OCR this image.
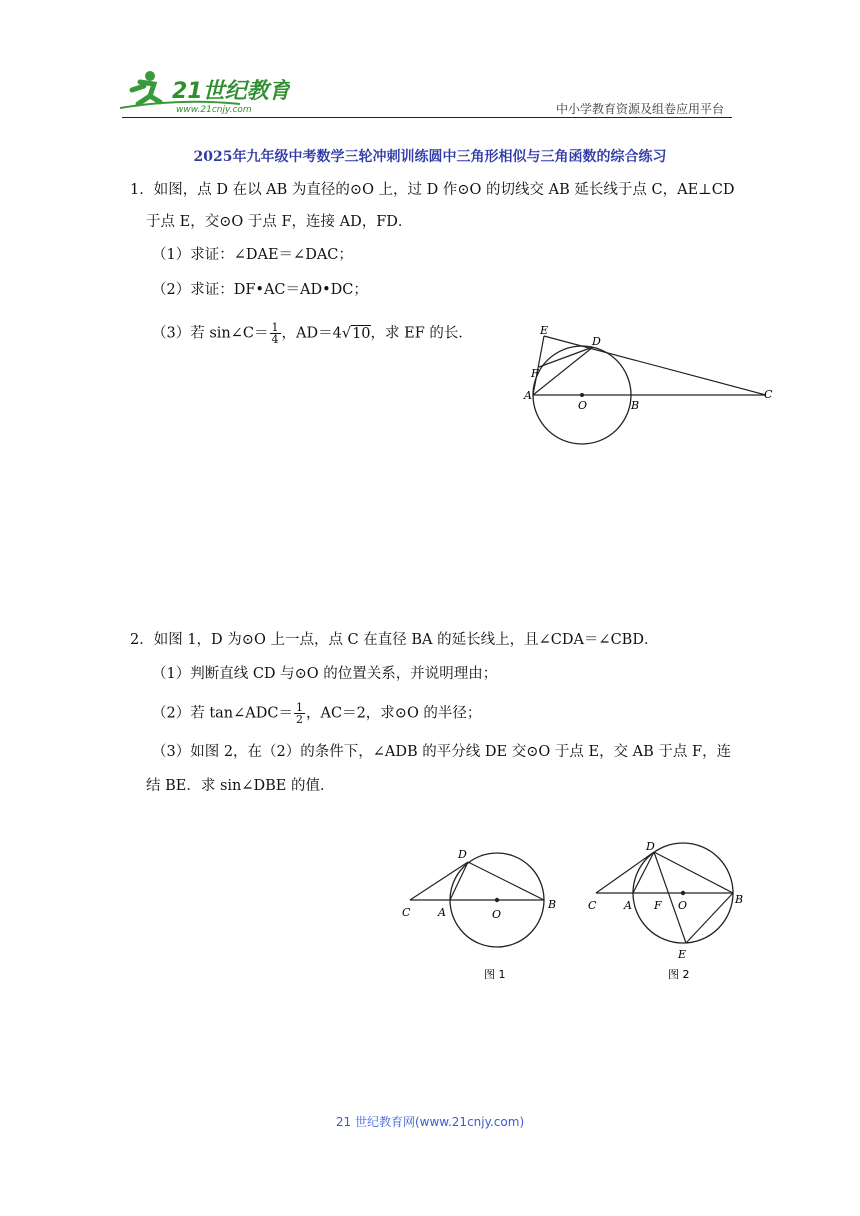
21世纪教育
www.21cnjy.com	中小学教育资源及组卷应用平台
2025年九年级中考数学三轮冲刺训练圆中三角形相似与三角函数的综合练习
1．如图，点 D 在以 AB 为直径的⊙O 上，过 D 作⊙O 的切线交 AB 延长线于点 C，AE⊥CD
于点 E，交⊙O 于点 F，连接 AD，FD．
（1）求证：∠DAE＝∠DAC；
（2）求证：DF•AC＝AD•DC；
（3）若 sin∠C＝ $\frac{1}{4}$ ，AD＝4√10，求 EF 的长．	E
D
F
A
O	B
C
2．如图 1，D 为⊙O 上一点，点 C 在直径 BA 的延长线上，且∠CDA＝∠CBD．
（1）判断直线 CD 与⊙O 的位置关系，并说明理由；
（2）若 tan∠ADC＝ $\frac{1}{2}$ ，AC＝2，求⊙O 的半径；
（3）如图 2，在（2）的条件下，∠ADB 的平分线 DE 交⊙O 于点 E，交 AB 于点 F，连
结 BE．求 sin∠DBE 的值．
C	A	O
B
D
图 1
C	A F O	B
D
E
图 2
21 世纪教育网(www.21cnjy.com)
